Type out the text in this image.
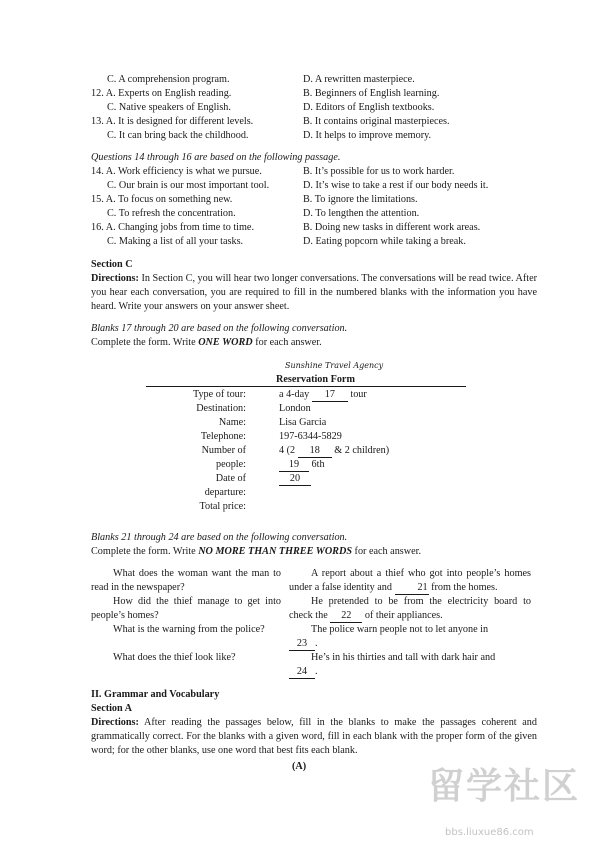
C. A comprehension program.	D. A rewritten masterpiece.
12. A. Experts on English reading.	B. Beginners of English learning.
C. Native speakers of English.	D. Editors of English textbooks.
13. A. It is designed for different levels.	B. It contains original masterpieces.
C. It can bring back the childhood.	D. It helps to improve memory.
Questions 14 through 16 are based on the following passage.
14. A. Work efficiency is what we pursue.	B. It’s possible for us to work harder.
C. Our brain is our most important tool.	D. It’s wise to take a rest if our body needs it.
15. A. To focus on something new.	B. To ignore the limitations.
C. To refresh the concentration.	D. To lengthen the attention.
16. A. Changing jobs from time to time.	B. Doing new tasks in different work areas.
C. Making a list of all your tasks.	D. Eating popcorn while taking a break.
Section C

Directions: In Section C, you will hear two longer conversations. The conversations will be read twice. After you hear each conversation, you are required to fill in the numbered blanks with the information you have heard. Write your answers on your answer sheet.

Blanks 17 through 20 are based on the following conversation.
Complete the form. Write ONE WORD for each answer.
Sunshine Travel Agency
Reservation Form
Type of tour:	a 4-day 17 tour
Destination:	London
Name:	Lisa Garcia
Telephone:	197-6344-5829
Number of	4 (2 18 & 2 children)
people:	19 6th
Date of	20
departure:
Total price:
Blanks 21 through 24 are based on the following conversation.
Complete the form. Write NO MORE THAN THREE WORDS for each answer.
What does the woman want the man to read in the newspaper?
A report about a thief who got into people’s homes under a false identity and 21 from the homes.
How did the thief manage to get into people’s homes?
He pretended to be from the electricity board to check the 22 of their appliances.
What is the warning from the police?	The police warn people not to let anyone in
23 .
What does the thief look like?	He’s in his thirties and tall with dark hair and
24 .
II. Grammar and Vocabulary
Section A

Directions: After reading the passages below, fill in the blanks to make the passages coherent and grammatically correct. For the blanks with a given word, fill in each blank with the proper form of the given word; for the other blanks, use one word that best fits each blank.

(A)	留学社区
bbs.liuxue86.com
